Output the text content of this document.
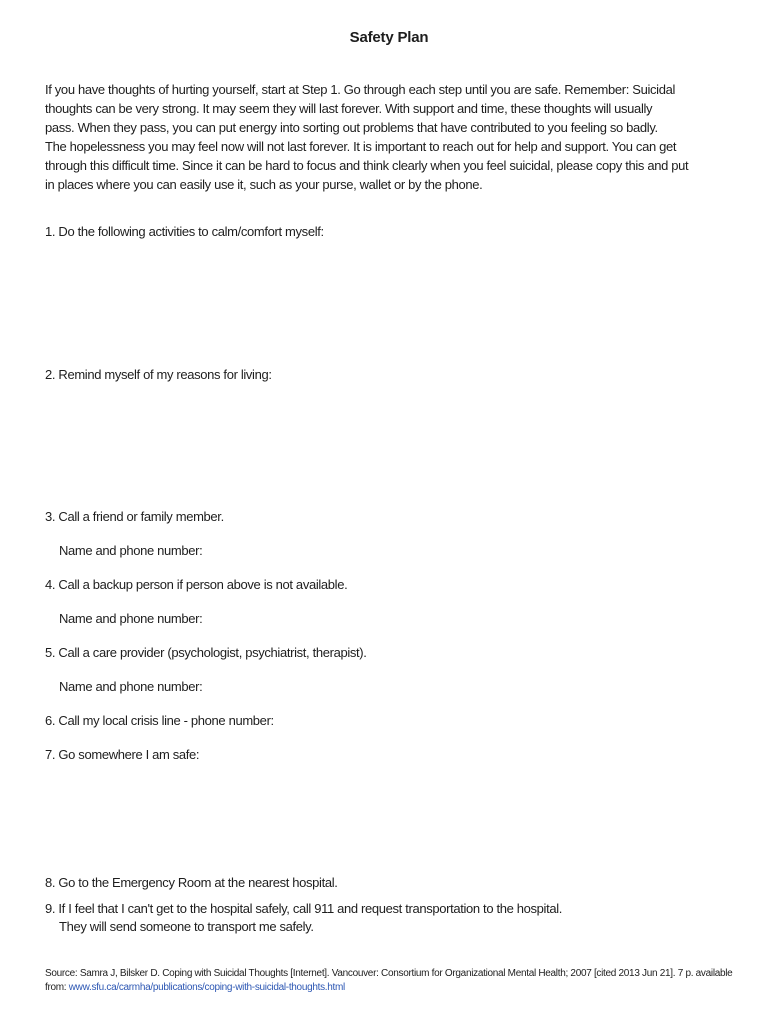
Safety Plan
If you have thoughts of hurting yourself, start at Step 1. Go through each step until you are safe. Remember: Suicidal
thoughts can be very strong. It may seem they will last forever. With support and time, these thoughts will usually
pass. When they pass, you can put energy into sorting out problems that have contributed to you feeling so badly.
The hopelessness you may feel now will not last forever. It is important to reach out for help and support. You can get
through this difficult time. Since it can be hard to focus and think clearly when you feel suicidal, please copy this and put
in places where you can easily use it, such as your purse, wallet or by the phone.
1. Do the following activities to calm/comfort myself:
2. Remind myself of my reasons for living:
3. Call a friend or family member.
Name and phone number:
4. Call a backup person if person above is not available.
Name and phone number:
5. Call a care provider (psychologist, psychiatrist, therapist).
Name and phone number:
6. Call my local crisis line - phone number:
7. Go somewhere I am safe:
8. Go to the Emergency Room at the nearest hospital.
9. If I feel that I can't get to the hospital safely, call 911 and request transportation to the hospital.
They will send someone to transport me safely.
Source: Samra J, Bilsker D. Coping with Suicidal Thoughts [Internet]. Vancouver: Consortium for Organizational Mental Health; 2007 [cited 2013 Jun 21]. 7 p. available from: www.sfu.ca/carmha/publications/coping-with-suicidal-thoughts.html
